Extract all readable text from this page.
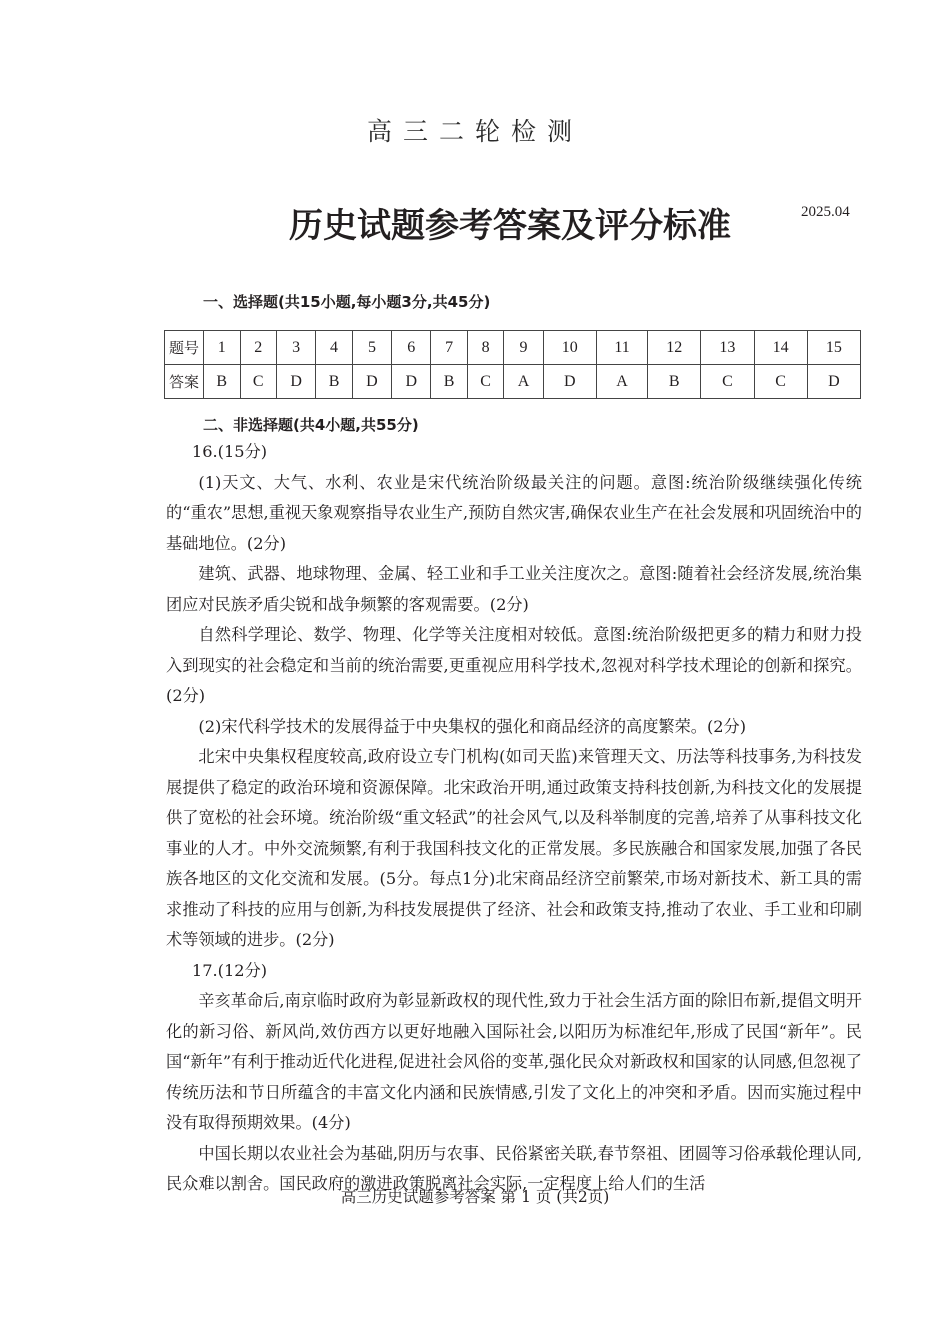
高三二轮检测
历史试题参考答案及评分标准	2025.04
一、选择题(共15小题,每小题3分,共45分)
题号	1	2	3	4	5	6	7	8	9	10	11	12	13	14	15
答案	B	C	D	B	D	D	B	C	A	D	A	B	C	C	D
二、非选择题(共4小题,共55分)

16.(15分)

(1)天文、大气、水利、农业是宋代统治阶级最关注的问题。意图:统治阶级继续强化传统的“重农”思想,重视天象观察指导农业生产,预防自然灾害,确保农业生产在社会发展和巩固统治中的基础地位。(2分)

建筑、武器、地球物理、金属、轻工业和手工业关注度次之。意图:随着社会经济发展,统治集团应对民族矛盾尖锐和战争频繁的客观需要。(2分)

自然科学理论、数学、物理、化学等关注度相对较低。意图:统治阶级把更多的精力和财力投入到现实的社会稳定和当前的统治需要,更重视应用科学技术,忽视对科学技术理论的创新和探究。(2分)

(2)宋代科学技术的发展得益于中央集权的强化和商品经济的高度繁荣。(2分)

北宋中央集权程度较高,政府设立专门机构(如司天监)来管理天文、历法等科技事务,为科技发展提供了稳定的政治环境和资源保障。北宋政治开明,通过政策支持科技创新,为科技文化的发展提供了宽松的社会环境。统治阶级“重文轻武”的社会风气,以及科举制度的完善,培养了从事科技文化事业的人才。中外交流频繁,有利于我国科技文化的正常发展。多民族融合和国家发展,加强了各民族各地区的文化交流和发展。(5分。每点1分)北宋商品经济空前繁荣,市场对新技术、新工具的需求推动了科技的应用与创新,为科技发展提供了经济、社会和政策支持,推动了农业、手工业和印刷术等领域的进步。(2分)

17.(12分)

辛亥革命后,南京临时政府为彰显新政权的现代性,致力于社会生活方面的除旧布新,提倡文明开化的新习俗、新风尚,效仿西方以更好地融入国际社会,以阳历为标准纪年,形成了民国“新年”。民国“新年”有利于推动近代化进程,促进社会风俗的变革,强化民众对新政权和国家的认同感,但忽视了传统历法和节日所蕴含的丰富文化内涵和民族情感,引发了文化上的冲突和矛盾。因而实施过程中没有取得预期效果。(4分)

中国长期以农业社会为基础,阴历与农事、民俗紧密关联,春节祭祖、团圆等习俗承载伦理认同,民众难以割舍。国民政府的激进政策脱离社会实际,一定程度上给人们的生活

高三历史试题参考答案 第 1 页 (共2页)
